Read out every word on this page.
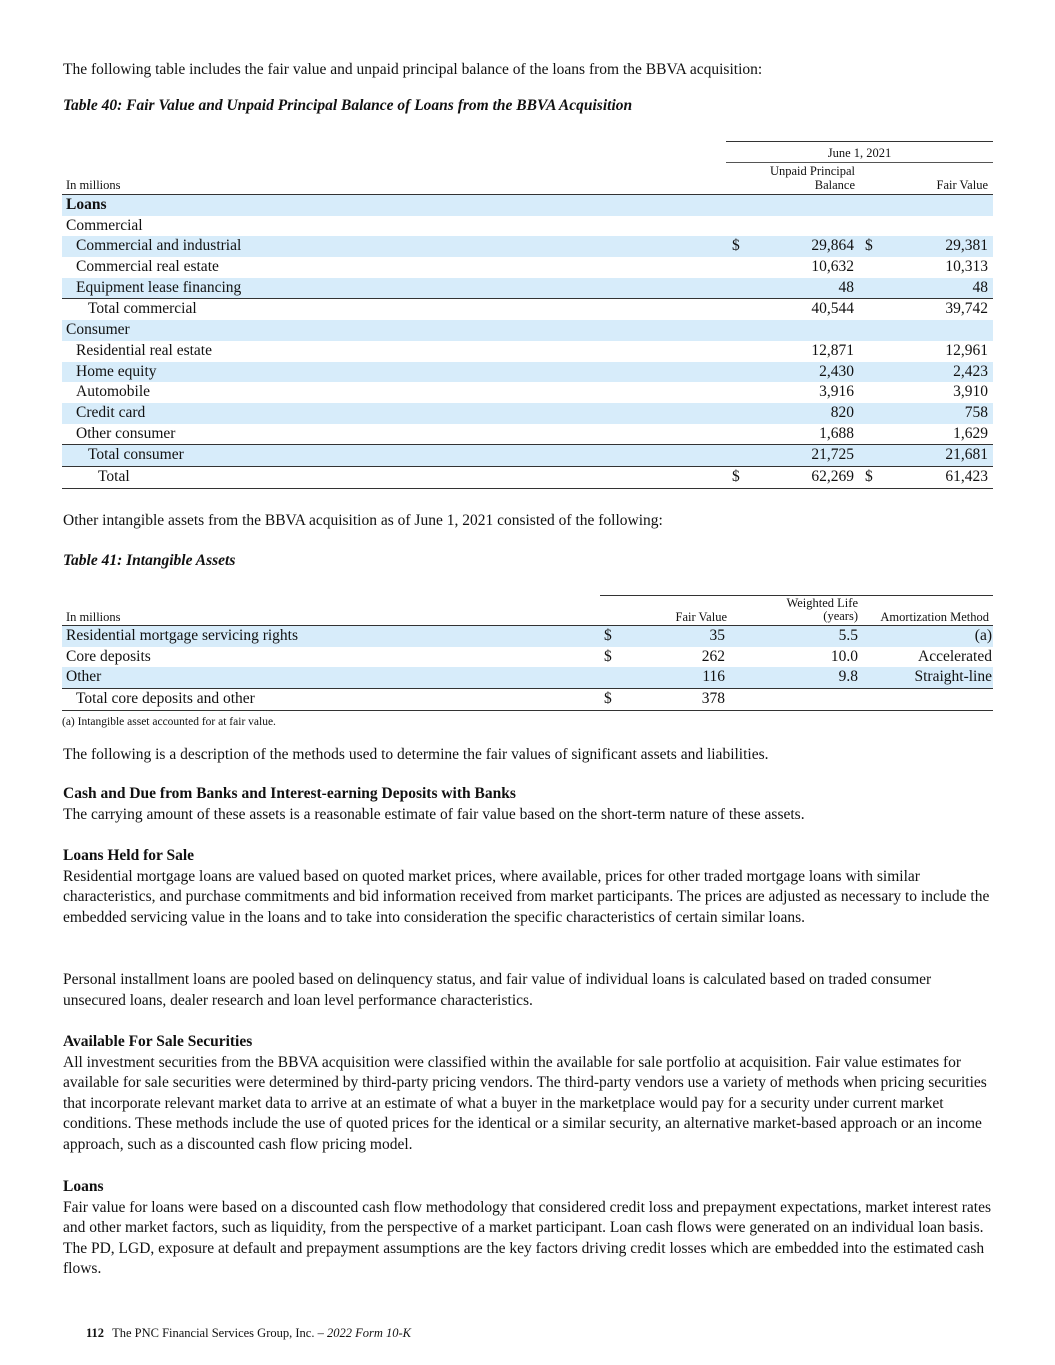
The following table includes the fair value and unpaid principal balance of the loans from the BBVA acquisition:
Table 40: Fair Value and Unpaid Principal Balance of Loans from the BBVA Acquisition
June 1, 2021
In millions
Unpaid Principal
Balance	Fair Value
Loans
Commercial
Commercial and industrial	$	29,864 $	29,381
Commercial real estate	10,632	10,313
Equipment lease financing	48	48
Total commercial	40,544	39,742
Consumer
Residential real estate	12,871	12,961
Home equity	2,430	2,423
Automobile	3,916	3,910
Credit card	820	758
Other consumer	1,688	1,629
Total consumer	21,725	21,681
Total	$	62,269 $	61,423
Other intangible assets from the BBVA acquisition as of June 1, 2021 consisted of the following:
Table 41: Intangible Assets
In millions	Fair Value
Weighted Life
(years)	Amortization Method
Residential mortgage servicing rights	$	35	5.5	(a)
Core deposits	$	262	10.0	Accelerated
Other	116	9.8	Straight-line
Total core deposits and other	$	378
(a) Intangible asset accounted for at fair value.
The following is a description of the methods used to determine the fair values of significant assets and liabilities.
Cash and Due from Banks and Interest-earning Deposits with Banks
The carrying amount of these assets is a reasonable estimate of fair value based on the short-term nature of these assets.
Loans Held for Sale
Residential mortgage loans are valued based on quoted market prices, where available, prices for other traded mortgage loans with similar characteristics, and purchase commitments and bid information received from market participants. The prices are adjusted as necessary to include the embedded servicing value in the loans and to take into consideration the specific characteristics of certain similar loans.
Personal installment loans are pooled based on delinquency status, and fair value of individual loans is calculated based on traded consumer unsecured loans, dealer research and loan level performance characteristics.
Available For Sale Securities
All investment securities from the BBVA acquisition were classified within the available for sale portfolio at acquisition. Fair value estimates for available for sale securities were determined by third-party pricing vendors. The third-party vendors use a variety of methods when pricing securities that incorporate relevant market data to arrive at an estimate of what a buyer in the marketplace would pay for a security under current market conditions. These methods include the use of quoted prices for the identical or a similar security, an alternative market-based approach or an income approach, such as a discounted cash flow pricing model.
Loans
Fair value for loans were based on a discounted cash flow methodology that considered credit loss and prepayment expectations, market interest rates and other market factors, such as liquidity, from the perspective of a market participant. Loan cash flows were generated on an individual loan basis. The PD, LGD, exposure at default and prepayment assumptions are the key factors driving credit losses which are embedded into the estimated cash flows.
112 The PNC Financial Services Group, Inc. – 2022 Form 10-K
